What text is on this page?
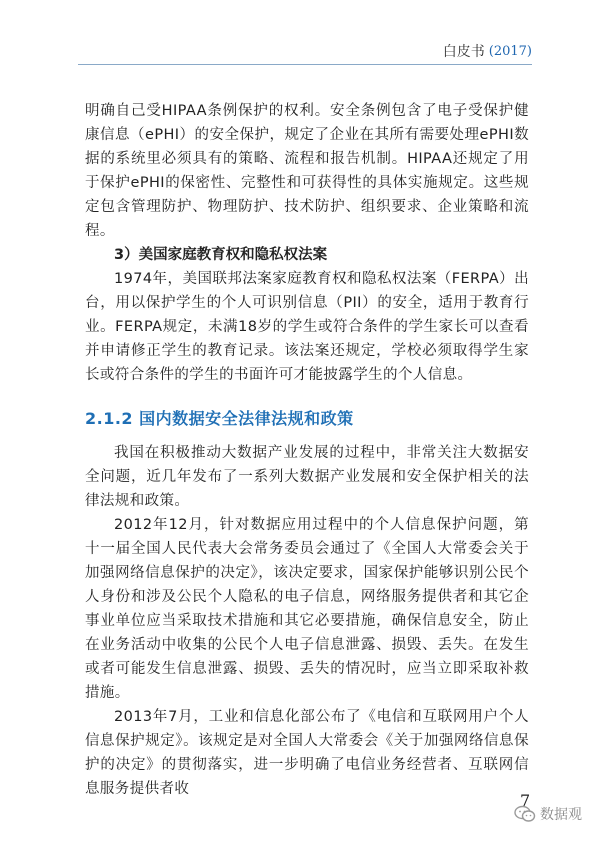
白皮书 (2017)

明确自己受HIPAA条例保护的权利。安全条例包含了电子受保护健康信息（ePHI）的安全保护，规定了企业在其所有需要处理ePHI数据的系统里必须具有的策略、流程和报告机制。HIPAA还规定了用于保护ePHI的保密性、完整性和可获得性的具体实施规定。这些规定包含管理防护、物理防护、技术防护、组织要求、企业策略和流程。

3）美国家庭教育权和隐私权法案

1974年，美国联邦法案家庭教育权和隐私权法案（FERPA）出台，用以保护学生的个人可识别信息（PII）的安全，适用于教育行业。FERPA规定，未满18岁的学生或符合条件的学生家长可以查看并申请修正学生的教育记录。该法案还规定，学校必须取得学生家长或符合条件的学生的书面许可才能披露学生的个人信息。

2.1.2 国内数据安全法律法规和政策

我国在积极推动大数据产业发展的过程中，非常关注大数据安全问题，近几年发布了一系列大数据产业发展和安全保护相关的法律法规和政策。

2012年12月，针对数据应用过程中的个人信息保护问题，第十一届全国人民代表大会常务委员会通过了《全国人大常委会关于加强网络信息保护的决定》，该决定要求，国家保护能够识别公民个人身份和涉及公民个人隐私的电子信息，网络服务提供者和其它企事业单位应当采取技术措施和其它必要措施，确保信息安全，防止在业务活动中收集的公民个人电子信息泄露、损毁、丢失。在发生或者可能发生信息泄露、损毁、丢失的情况时，应当立即采取补救措施。

2013年7月，工业和信息化部公布了《电信和互联网用户个人信息保护规定》。该规定是对全国人大常委会《关于加强网络信息保护的决定》的贯彻落实，进一步明确了电信业务经营者、互联网信息服务提供者收

7
数据观
